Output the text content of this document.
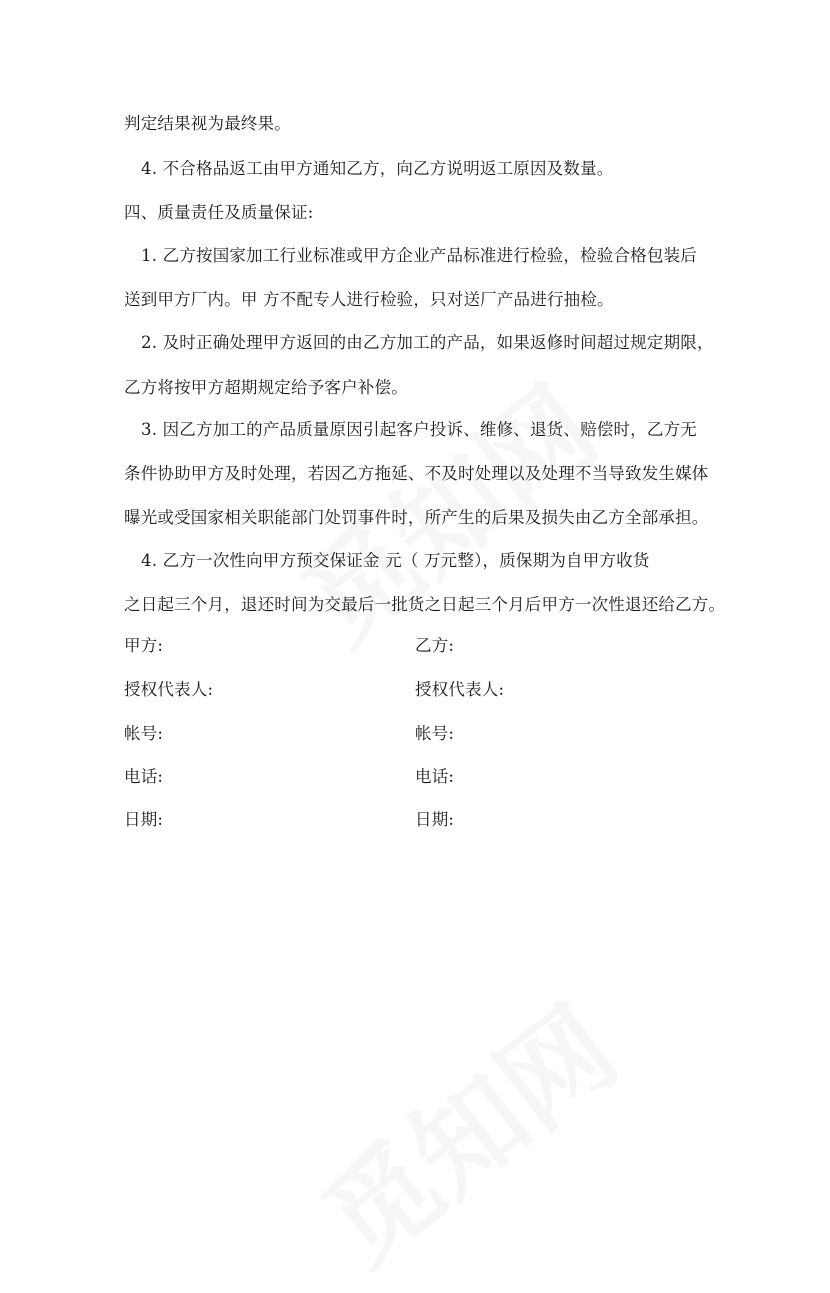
判定结果视为最终果。
4. 不合格品返工由甲方通知乙方，向乙方说明返工原因及数量。
四、质量责任及质量保证:
1. 乙方按国家加工行业标准或甲方企业产品标准进行检验，检验合格包装后
送到甲方厂内。甲 方不配专人进行检验，只对送厂产品进行抽检。
2. 及时正确处理甲方返回的由乙方加工的产品，如果返修时间超过规定期限，
乙方将按甲方超期规定给予客户补偿。
3. 因乙方加工的产品质量原因引起客户投诉、维修、退货、赔偿时，乙方无
条件协助甲方及时处理，若因乙方拖延、不及时处理以及处理不当导致发生媒体
曝光或受国家相关职能部门处罚事件时，所产生的后果及损失由乙方全部承担。
4. 乙方一次性向甲方预交保证金 元（ 万元整），质保期为自甲方收货
之日起三个月，退还时间为交最后一批货之日起三个月后甲方一次性退还给乙方。
甲方:	乙方:
授权代表人:	授权代表人:
帐号:	帐号:
电话:	电话:
日期:	日期:
